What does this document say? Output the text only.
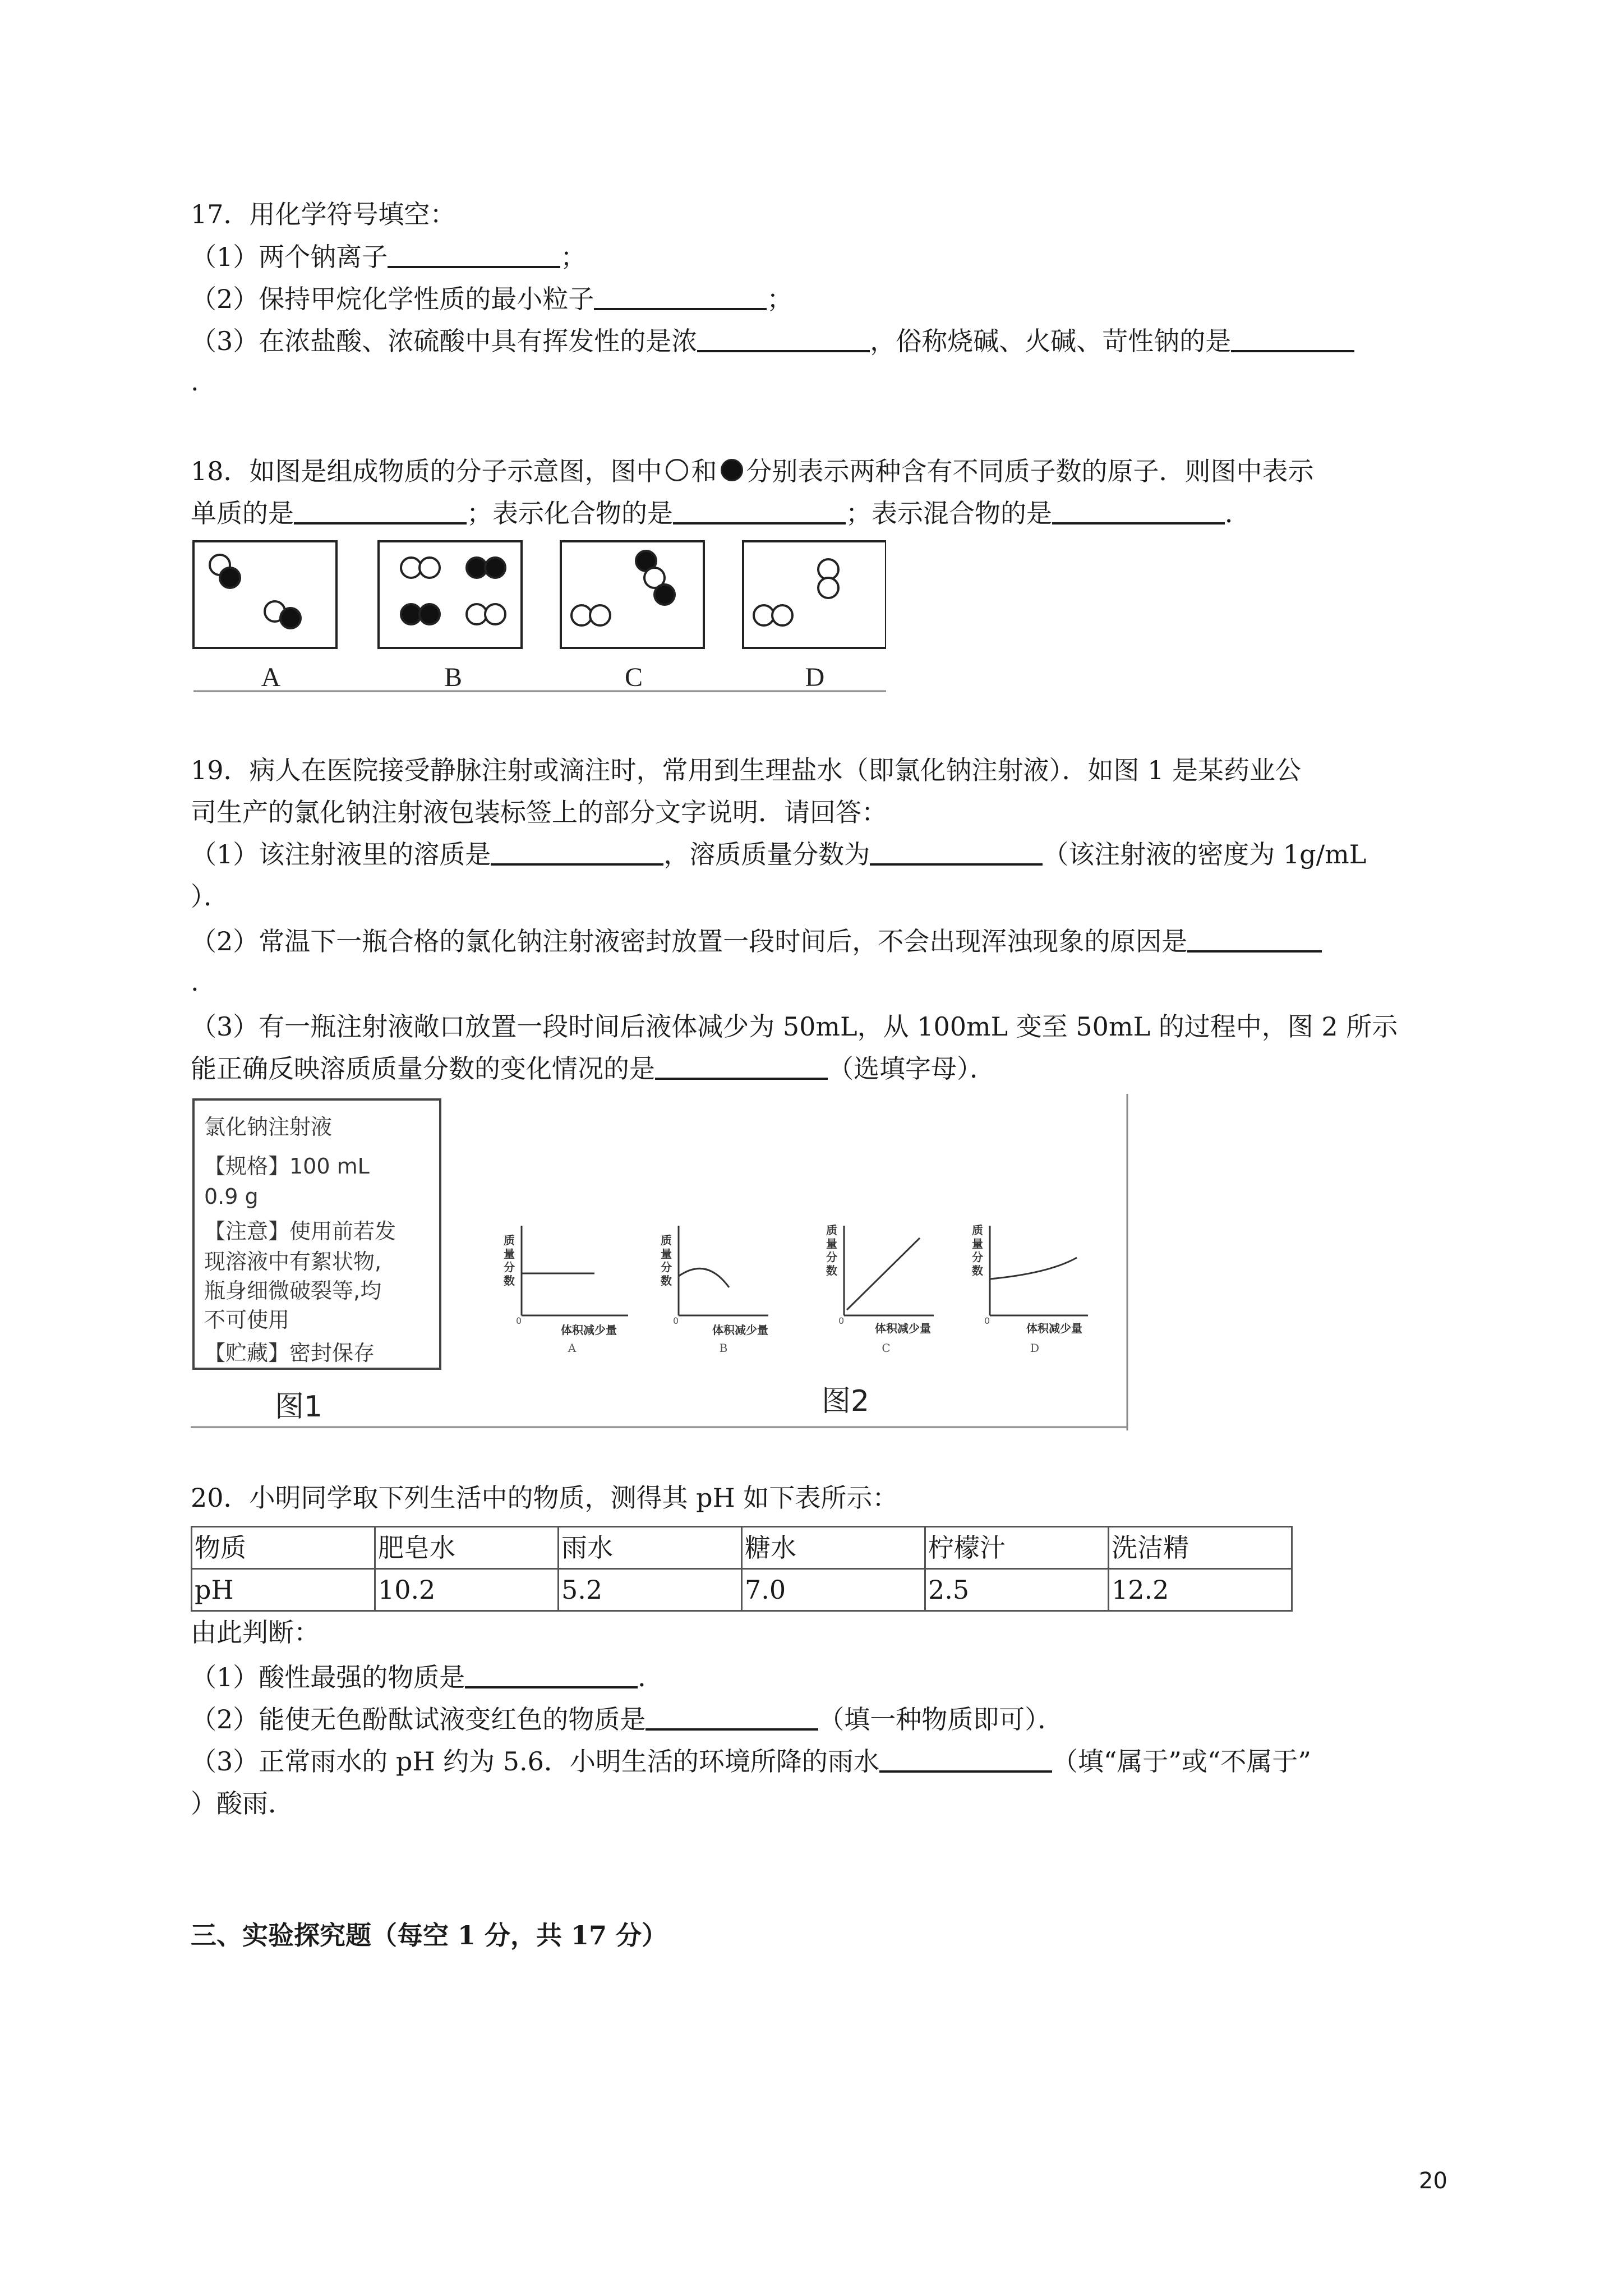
17．用化学符号填空：
（1）两个钠离子	；
（2）保持甲烷化学性质的最小粒子	；
（3）在浓盐酸、浓硫酸中具有挥发性的是浓	，俗称烧碱、火碱、苛性钠的是
.
18．如图是组成物质的分子示意图，图中 和 分别表示两种含有不同质子数的原子．则图中表示
单质的是	；表示化合物的是	；表示混合物的是	．
A	B	C	D
19．病人在医院接受静脉注射或滴注时，常用到生理盐水（即氯化钠注射液）．如图 1 是某药业公
司生产的氯化钠注射液包装标签上的部分文字说明．请回答：
（1）该注射液里的溶质是	，溶质质量分数为	（该注射液的密度为 1g/mL
）．
（2）常温下一瓶合格的氯化钠注射液密封放置一段时间后，不会出现浑浊现象的原因是
.
（3）有一瓶注射液敞口放置一段时间后液体减少为 50mL，从 100mL 变至 50mL 的过程中，图 2 所示
能正确反映溶质质量分数的变化情况的是	（选填字母）．
氯化钠注射液
【规格】100 mL
0.9 g
【注意】使用前若发
现溶液中有絮状物,
瓶身细微破裂等,均
不可使用
【贮藏】密封保存
图1	图2
质
量
分
数
体积减少量
0
A
质
量
分
数
体积减少量
0
B
质
量
分
数
体积减少量
0
C
质
量
分
数
体积减少量
0
D
20．小明同学取下列生活中的物质，测得其 pH 如下表所示：
物质	肥皂水	雨水	糖水	柠檬汁	洗洁精
pH	10.2	5.2	7.0	2.5	12.2
由此判断：
（1）酸性最强的物质是	．
（2）能使无色酚酞试液变红色的物质是	（填一种物质即可）．
（3）正常雨水的 pH 约为 5.6．小明生活的环境所降的雨水	（填“属于”或“不属于”
）酸雨．
三、实验探究题（每空 1 分，共 17 分）
20
